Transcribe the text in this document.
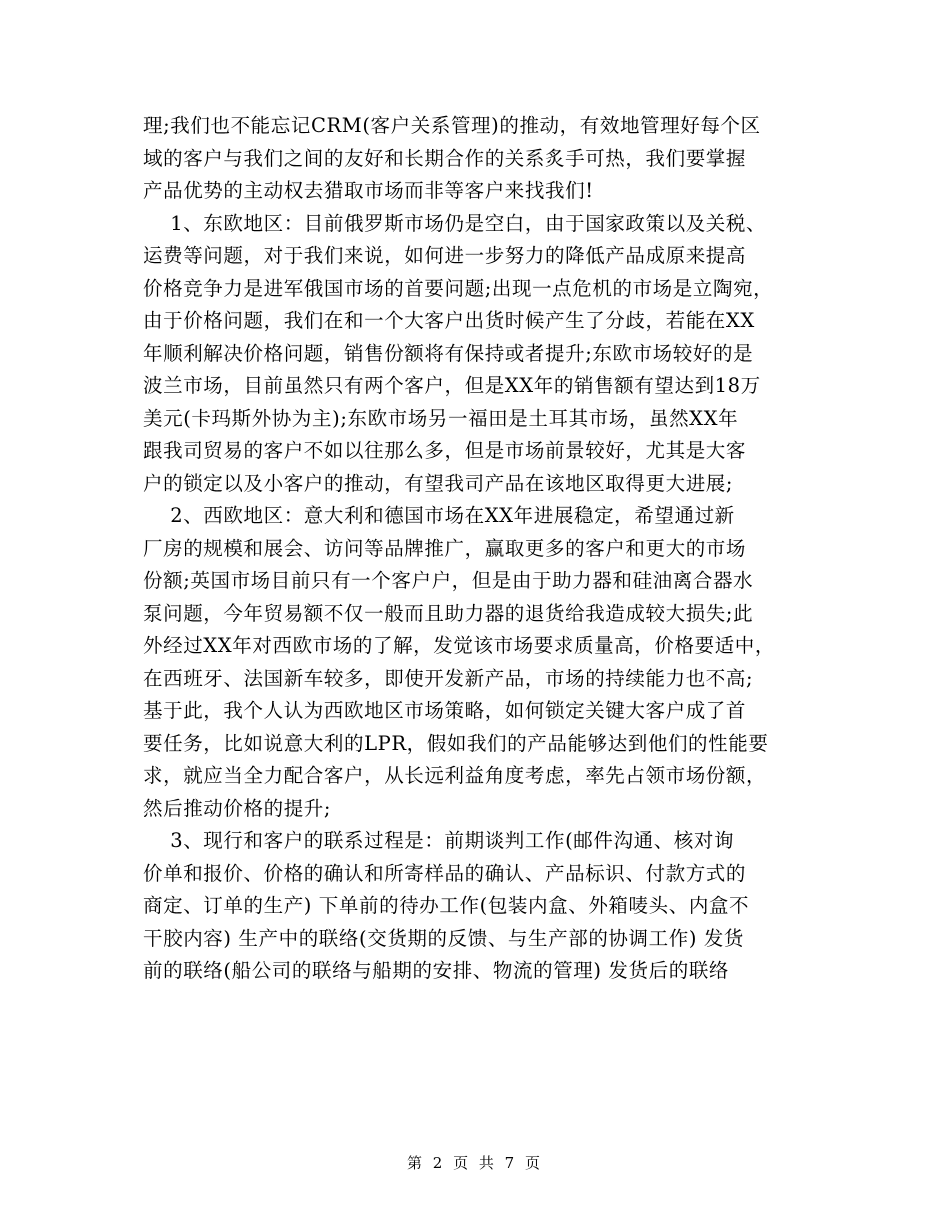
理;我们也不能忘记CRM(客户关系管理)的推动，有效地管理好每个区
域的客户与我们之间的友好和长期合作的关系炙手可热，我们要掌握
产品优势的主动权去猎取市场而非等客户来找我们!
1、东欧地区：目前俄罗斯市场仍是空白，由于国家政策以及关税、
运费等问题，对于我们来说，如何进一步努力的降低产品成原来提高
价格竞争力是进军俄国市场的首要问题;出现一点危机的市场是立陶宛，
由于价格问题，我们在和一个大客户出货时候产生了分歧，若能在XX
年顺利解决价格问题，销售份额将有保持或者提升;东欧市场较好的是
波兰市场，目前虽然只有两个客户，但是XX年的销售额有望达到18万
美元(卡玛斯外协为主);东欧市场另一福田是土耳其市场，虽然XX年
跟我司贸易的客户不如以往那么多，但是市场前景较好，尤其是大客
户的锁定以及小客户的推动，有望我司产品在该地区取得更大进展;
2、西欧地区：意大利和德国市场在XX年进展稳定，希望通过新
厂房的规模和展会、访问等品牌推广，赢取更多的客户和更大的市场
份额;英国市场目前只有一个客户户，但是由于助力器和硅油离合器水
泵问题，今年贸易额不仅一般而且助力器的退货给我造成较大损失;此
外经过XX年对西欧市场的了解，发觉该市场要求质量高，价格要适中，
在西班牙、法国新车较多，即使开发新产品，市场的持续能力也不高;
基于此，我个人认为西欧地区市场策略，如何锁定关键大客户成了首
要任务，比如说意大利的LPR，假如我们的产品能够达到他们的性能要
求，就应当全力配合客户，从长远利益角度考虑，率先占领市场份额，
然后推动价格的提升;
3、现行和客户的联系过程是：前期谈判工作(邮件沟通、核对询
价单和报价、价格的确认和所寄样品的确认、产品标识、付款方式的
商定、订单的生产) 下单前的待办工作(包装内盒、外箱唛头、内盒不
干胶内容) 生产中的联络(交货期的反馈、与生产部的协调工作) 发货
前的联络(船公司的联络与船期的安排、物流的管理) 发货后的联络
第 2 页 共 7 页
